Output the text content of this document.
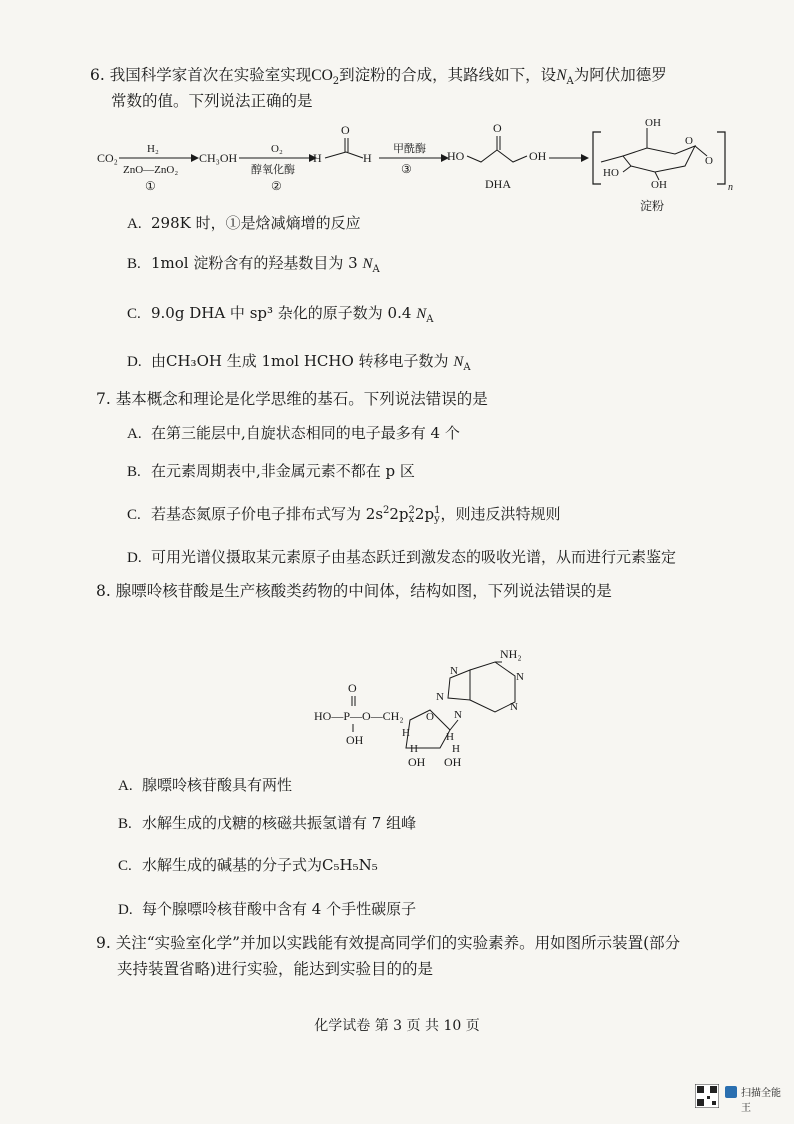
6. 我国科学家首次在实验室实现$CO_2$到淀粉的合成，其路线如下，设$N_A$为阿伏加德罗
常数的值。下列说法正确的是
CO₂
H₂
ZnO—ZnO₂
①
CH₃OH
O₂
醇氧化酶
②
H
O
H
甲酰酶
③
HO
O
OH
DHA
OH
O
O
HO
OH	n
淀粉
A. 298K 时，①是焓减熵增的反应
B. 1mol 淀粉含有的羟基数目为 3 $N_A$
C. 9.0g DHA 中 sp³ 杂化的原子数为 0.4 $N_A$
D. 由CH₃OH 生成 1mol HCHO 转移电子数为 $N_A$
7. 基本概念和理论是化学思维的基石。下列说法错误的是
A. 在第三能层中,自旋状态相同的电子最多有 4 个
B. 在元素周期表中,非金属元素不都在 p 区
C. 若基态氮原子价电子排布式写为 $2s^22p$ 2
x 2p 1
y ，则违反洪特规则
D. 可用光谱仪摄取某元素原子由基态跃迁到激发态的吸收光谱，从而进行元素鉴定
8. 腺嘌呤核苷酸是生产核酸类药物的中间体，结构如图，下列说法错误的是
NH₂
N	N
N
N
N
O
HO—P—O—CH₂
OH
O
H
H
H
H
OH OH
A. 腺嘌呤核苷酸具有两性
B. 水解生成的戊糖的核磁共振氢谱有 7 组峰
C. 水解生成的碱基的分子式为C₅H₅N₅
D. 每个腺嘌呤核苷酸中含有 4 个手性碳原子
9. 关注“实验室化学”并加以实践能有效提高同学们的实验素养。用如图所示装置(部分
夹持装置省略)进行实验，能达到实验目的的是
化学试卷 第 3 页 共 10 页
扫描全能王
